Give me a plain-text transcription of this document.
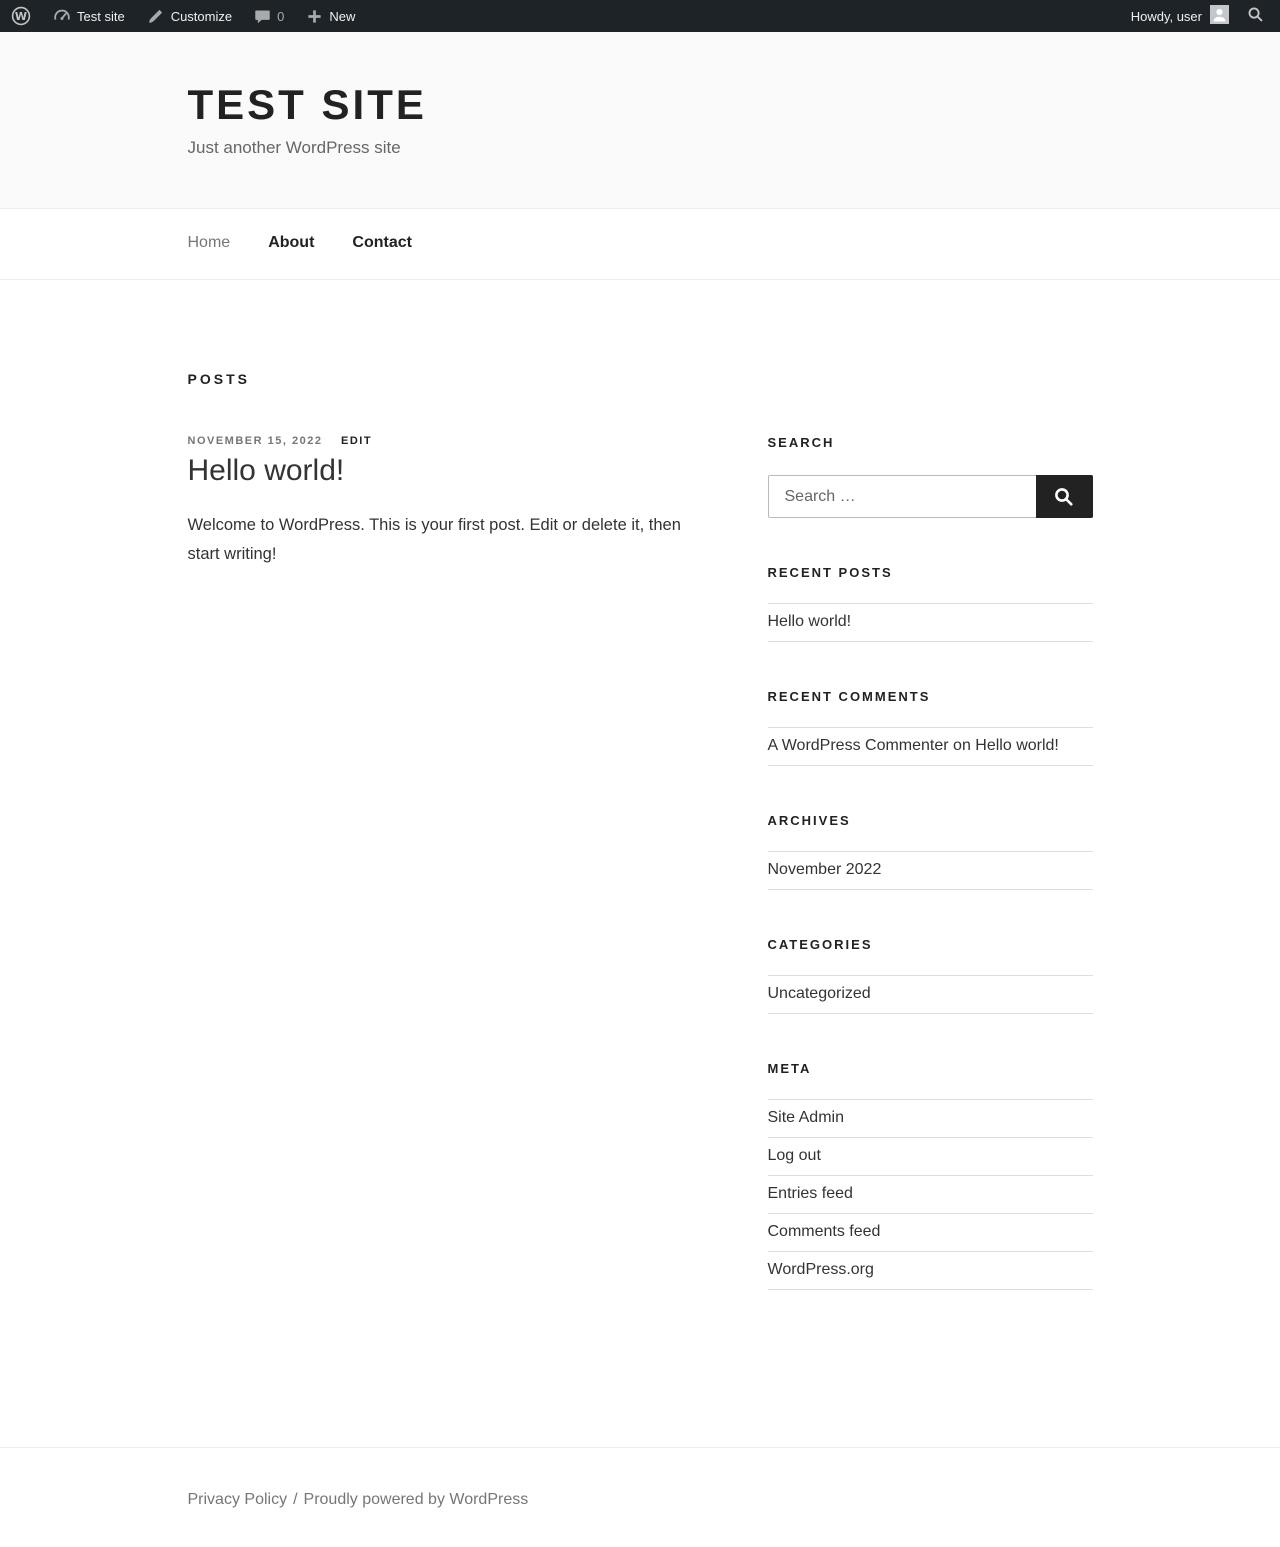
W	Test site	Customize	0	New	Howdy, user
TEST SITE

Just another WordPress site

Home About Contact
POSTS
NOVEMBER 15, 2022 EDIT
Hello world!

Welcome to WordPress. This is your first post. Edit or delete it, then start writing!

SEARCH
Search …
RECENT POSTS
Hello world!
RECENT COMMENTS
A WordPress Commenter on Hello world!
ARCHIVES
November 2022
CATEGORIES
Uncategorized
META
Site Admin
Log out
Entries feed
Comments feed
WordPress.org

Privacy Policy / Proudly powered by WordPress
